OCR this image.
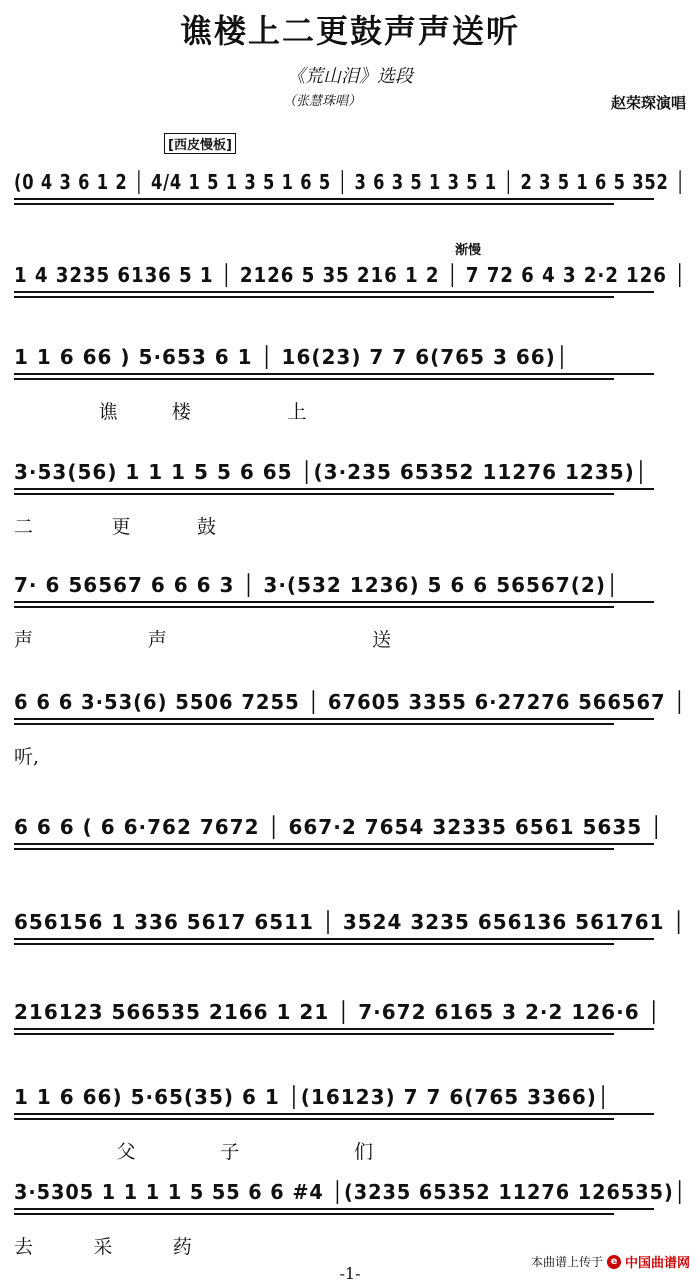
谯楼上二更鼓声声送听
《荒山泪》选段
（张慧珠唱）	赵荣琛演唱
[西皮慢板]
渐慢
(0 4 3 6 1 2 │ 4/4 1 5 1 3 5 1 6 5 │ 3 6 3 5 1 3 5 1 │ 2 3 5 1 6 5 352 │
1 4 3235 6136 5 1 │ 2126 5 35 216 1 2 │ 7 72 6 4 3 2·2 126 │
1 1 6 66 ) 5·653 6 1 │ 16(23) 7 7 6(765 3 66)│
谯         楼                上
3·53(56) 1 1 1 5 5 6 65 │(3·235 65352 11276 1235)│
二             更           鼓
7· 6 56567 6 6 6 3 │ 3·(532 1236) 5 6 6 56567(2)│
声                   声                                  送
6 6 6 3·53(6) 5506 7255 │ 67605 3355 6·27276 566567 │
听,
6 6 6 ( 6 6·762 7672 │ 667·2 7654 32335 6561 5635 │
656156 1 336 5617 6511 │ 3524 3235 656136 561761 │
216123 566535 2166 1 21 │ 7·672 6165 3 2·2 126·6 │
1 1 6 66) 5·65(35) 6 1 │(16123) 7 7 6(765 3366)│
父              子                   们
3·5305 1 1 1 1 5 55 6 6 #4 │(3235 65352 11276 126535)│
去          采          药
-1-
本曲谱上传于 e 中国曲谱网
